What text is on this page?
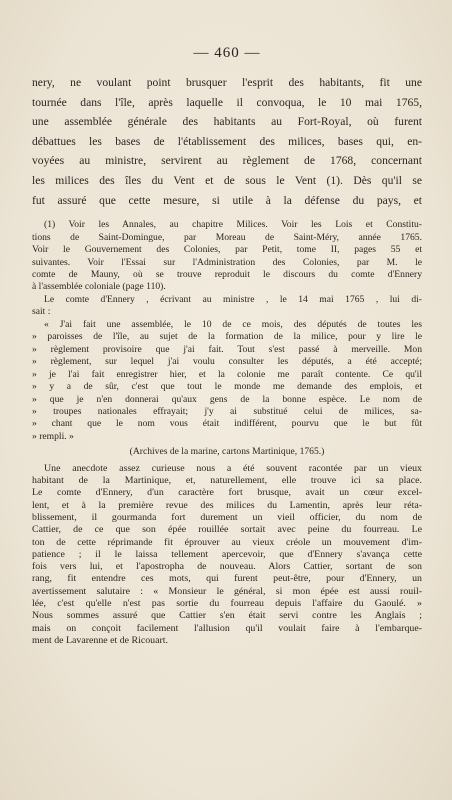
— 460 —

nery, ne voulant point brusquer l'esprit des habitants, fit une

tournée dans l'île, après laquelle il convoqua, le 10 mai 1765,

une assemblée générale des habitants au Fort-Royal, où furent

débattues les bases de l'établissement des milices, bases qui, en-

voyées au ministre, servirent au règlement de 1768, concernant

les milices des îles du Vent et de sous le Vent (1). Dès qu'il se

fut assuré que cette mesure, si utile à la défense du pays, et

(1) Voir les Annales, au chapitre Milices. Voir les Lois et Constitu-

tions de Saint-Domingue, par Moreau de Saint-Méry, année 1765.

Voir le Gouvernement des Colonies, par Petit, tome II, pages 55 et

suivantes. Voir l'Essai sur l'Administration des Colonies, par M. le

comte de Mauny, où se trouve reproduit le discours du comte d'Ennery

à l'assemblée coloniale (page 110).

Le comte d'Ennery , écrivant au ministre , le 14 mai 1765 , lui di-

sait :

« J'ai fait une assemblée, le 10 de ce mois, des députés de toutes les

» paroisses de l'île, au sujet de la formation de la milice, pour y lire le

» règlement provisoire que j'ai fait. Tout s'est passé à merveille. Mon

» règlement, sur lequel j'ai voulu consulter les députés, a été accepté;

» je l'ai fait enregistrer hier, et la colonie me paraît contente. Ce qu'il

» y a de sûr, c'est que tout le monde me demande des emplois, et

» que je n'en donnerai qu'aux gens de la bonne espèce. Le nom de

» troupes nationales effrayait; j'y ai substitué celui de milices, sa-

» chant que le nom vous était indifférent, pourvu que le but fût

» rempli. »

(Archives de la marine, cartons Martinique, 1765.)

Une anecdote assez curieuse nous a été souvent racontée par un vieux

habitant de la Martinique, et, naturellement, elle trouve ici sa place.

Le comte d'Ennery, d'un caractère fort brusque, avait un cœur excel-

lent, et à la première revue des milices du Lamentin, après leur réta-

blissement, il gourmanda fort durement un vieil officier, du nom de

Cattier, de ce que son épée rouillée sortait avec peine du fourreau. Le

ton de cette réprimande fit éprouver au vieux créole un mouvement d'im-

patience ; il le laissa tellement apercevoir, que d'Ennery s'avança cette

fois vers lui, et l'apostropha de nouveau. Alors Cattier, sortant de son

rang, fit entendre ces mots, qui furent peut-être, pour d'Ennery, un

avertissement salutaire : « Monsieur le général, si mon épée est aussi rouil-

lée, c'est qu'elle n'est pas sortie du fourreau depuis l'affaire du Gaoulé. »

Nous sommes assuré que Cattier s'en était servi contre les Anglais ;

mais on conçoit facilement l'allusion qu'il voulait faire à l'embarque-

ment de Lavarenne et de Ricouart.
